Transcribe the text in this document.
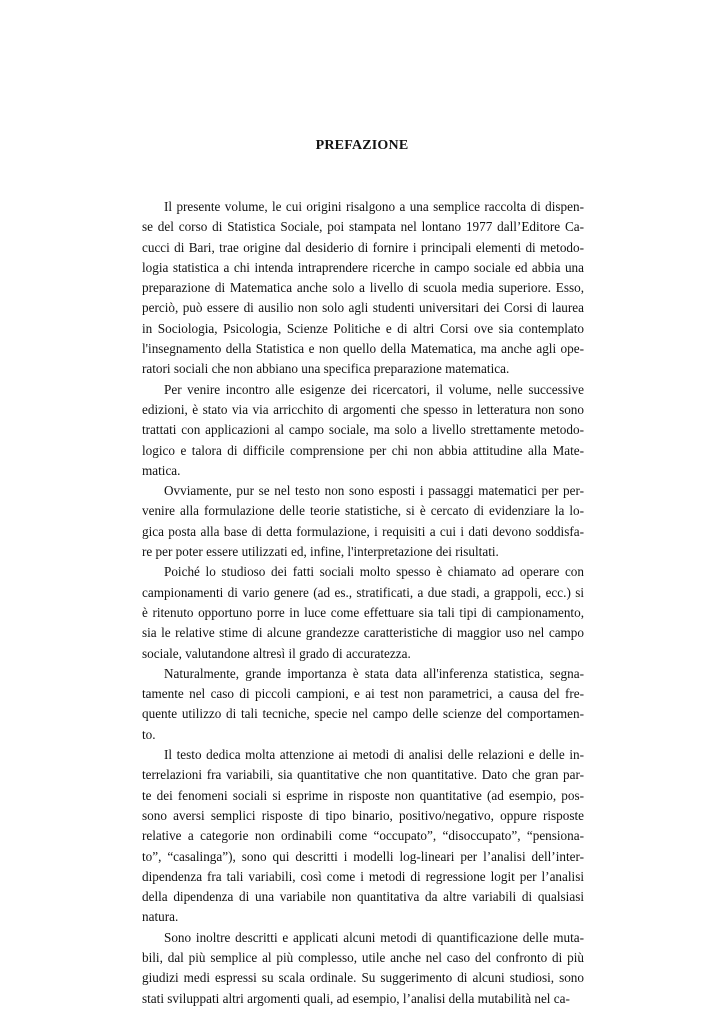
PREFAZIONE
Il presente volume, le cui origini risalgono a una semplice raccolta di dispen-
se del corso di Statistica Sociale, poi stampata nel lontano 1977 dall’Editore Ca-
cucci di Bari, trae origine dal desiderio di fornire i principali elementi di metodo-
logia statistica a chi intenda intraprendere ricerche in campo sociale ed abbia una
preparazione di Matematica anche solo a livello di scuola media superiore. Esso,
perciò, può essere di ausilio non solo agli studenti universitari dei Corsi di laurea
in Sociologia, Psicologia, Scienze Politiche e di altri Corsi ove sia contemplato
l'insegnamento della Statistica e non quello della Matematica, ma anche agli ope-
ratori sociali che non abbiano una specifica preparazione matematica.
Per venire incontro alle esigenze dei ricercatori, il volume, nelle successive
edizioni, è stato via via arricchito di argomenti che spesso in letteratura non sono
trattati con applicazioni al campo sociale, ma solo a livello strettamente metodo-
logico e talora di difficile comprensione per chi non abbia attitudine alla Mate-
matica.
Ovviamente, pur se nel testo non sono esposti i passaggi matematici per per-
venire alla formulazione delle teorie statistiche, si è cercato di evidenziare la lo-
gica posta alla base di detta formulazione, i requisiti a cui i dati devono soddisfa-
re per poter essere utilizzati ed, infine, l'interpretazione dei risultati.
Poiché lo studioso dei fatti sociali molto spesso è chiamato ad operare con
campionamenti di vario genere (ad es., stratificati, a due stadi, a grappoli, ecc.) si
è ritenuto opportuno porre in luce come effettuare sia tali tipi di campionamento,
sia le relative stime di alcune grandezze caratteristiche di maggior uso nel campo
sociale, valutandone altresì il grado di accuratezza.
Naturalmente, grande importanza è stata data all'inferenza statistica, segna-
tamente nel caso di piccoli campioni, e ai test non parametrici, a causa del fre-
quente utilizzo di tali tecniche, specie nel campo delle scienze del comportamen-
to.
Il testo dedica molta attenzione ai metodi di analisi delle relazioni e delle in-
terrelazioni fra variabili, sia quantitative che non quantitative. Dato che gran par-
te dei fenomeni sociali si esprime in risposte non quantitative (ad esempio, pos-
sono aversi semplici risposte di tipo binario, positivo/negativo, oppure risposte
relative a categorie non ordinabili come “occupato”, “disoccupato”, “pensiona-
to”, “casalinga”), sono qui descritti i modelli log-lineari per l’analisi dell’inter-
dipendenza fra tali variabili, così come i metodi di regressione logit per l’analisi
della dipendenza di una variabile non quantitativa da altre variabili di qualsiasi
natura.
Sono inoltre descritti e applicati alcuni metodi di quantificazione delle muta-
bili, dal più semplice al più complesso, utile anche nel caso del confronto di più
giudizi medi espressi su scala ordinale. Su suggerimento di alcuni studiosi, sono
stati sviluppati altri argomenti quali, ad esempio, l’analisi della mutabilità nel ca-
